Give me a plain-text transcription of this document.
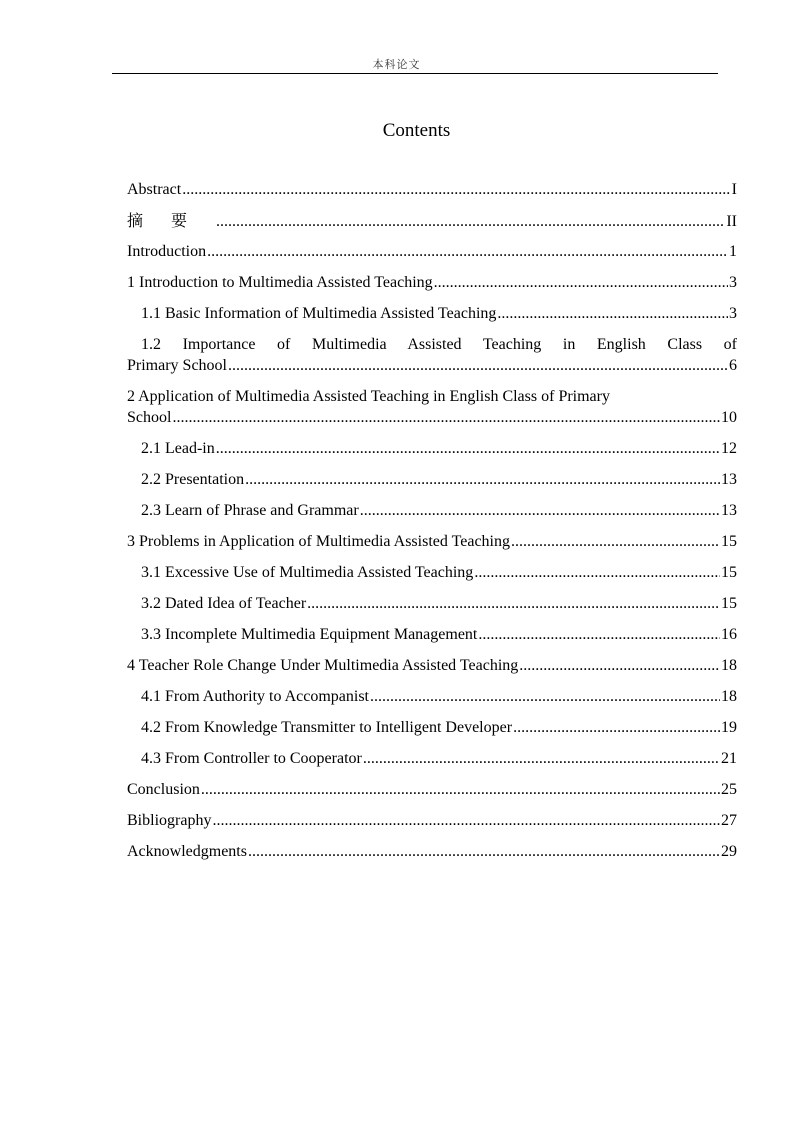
本科论文
Contents
Abstract .....	I
摘要 .....	II
Introduction .....	1
1 Introduction to Multimedia Assisted Teaching .....	3
1.1 Basic Information of Multimedia Assisted Teaching .....	3
1.2 Importance of Multimedia Assisted Teaching in English Class of
Primary School .....	6
2 Application of Multimedia Assisted Teaching in English Class of Primary
School .....	10
2.1 Lead-in .....	12
2.2 Presentation .....	13
2.3 Learn of Phrase and Grammar .....	13
3 Problems in Application of Multimedia Assisted Teaching .....	15
3.1 Excessive Use of Multimedia Assisted Teaching .....	15
3.2 Dated Idea of Teacher .....	15
3.3 Incomplete Multimedia Equipment Management .....	16
4 Teacher Role Change Under Multimedia Assisted Teaching .....	18
4.1 From Authority to Accompanist .....	18
4.2 From Knowledge Transmitter to Intelligent Developer .....	19
4.3 From Controller to Cooperator .....	21
Conclusion .....	25
Bibliography .....	27
Acknowledgments .....	29
